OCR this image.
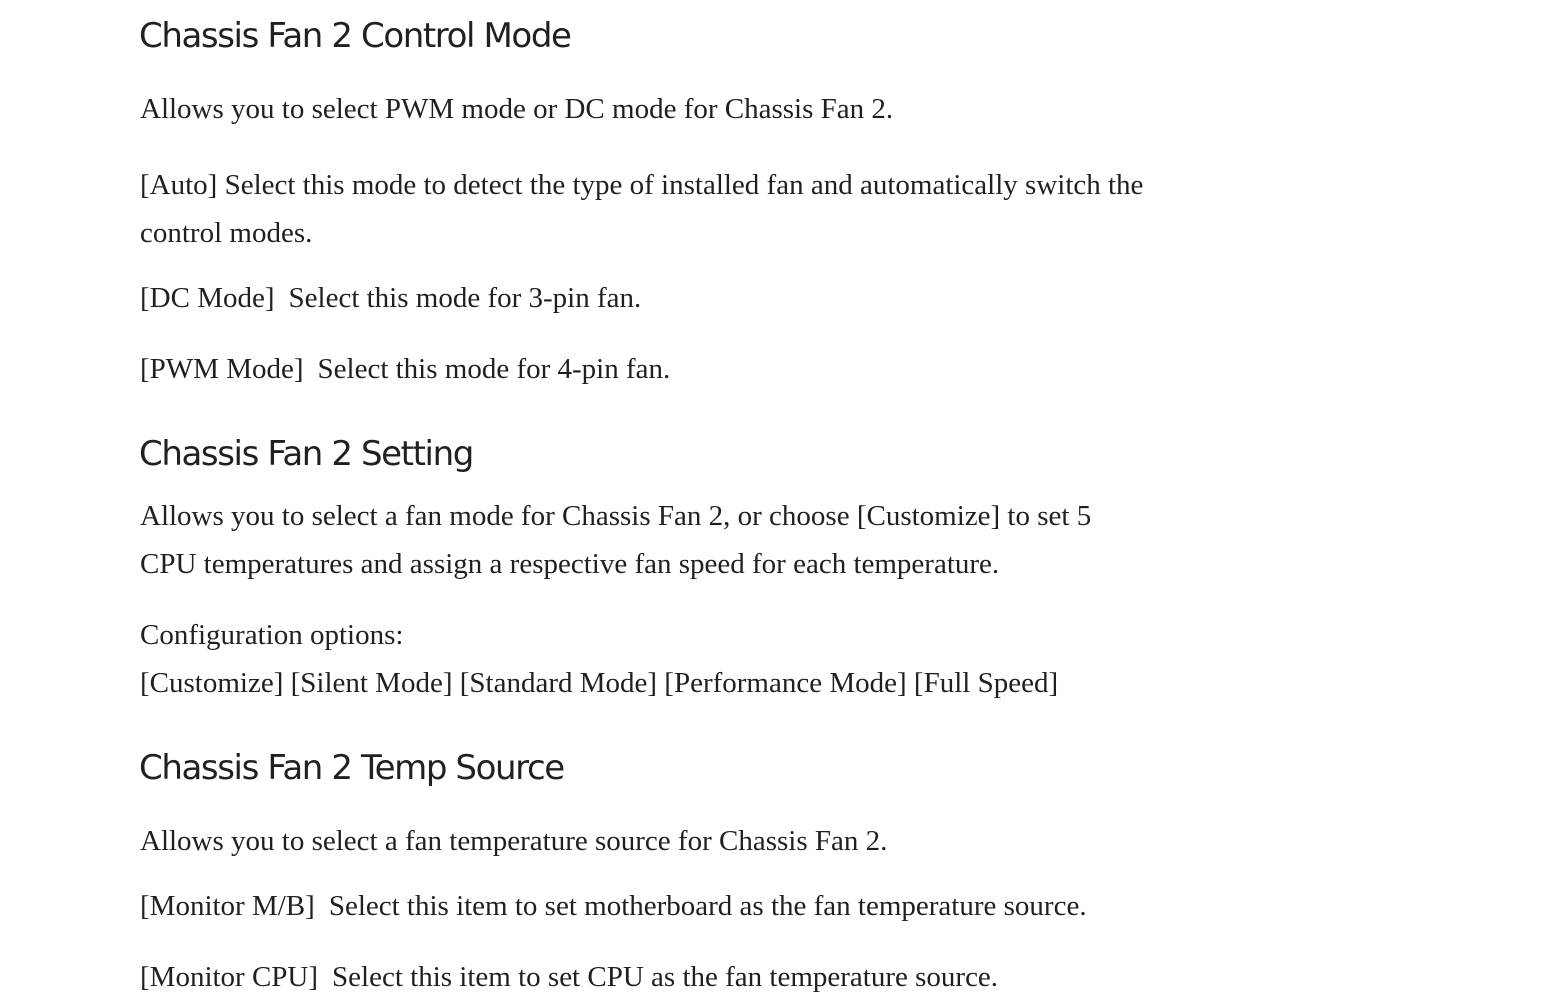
Chassis Fan 2 Control Mode

Allows you to select PWM mode or DC mode for Chassis Fan 2.

[Auto] Select this mode to detect the type of installed fan and automatically switch the

control modes.

[DC Mode] Select this mode for 3-pin fan.

[PWM Mode] Select this mode for 4-pin fan.

Chassis Fan 2 Setting

Allows you to select a fan mode for Chassis Fan 2, or choose [Customize] to set 5

CPU temperatures and assign a respective fan speed for each temperature.

Configuration options:

[Customize] [Silent Mode] [Standard Mode] [Performance Mode] [Full Speed]

Chassis Fan 2 Temp Source

Allows you to select a fan temperature source for Chassis Fan 2.

[Monitor M/B] Select this item to set motherboard as the fan temperature source.

[Monitor CPU] Select this item to set CPU as the fan temperature source.
